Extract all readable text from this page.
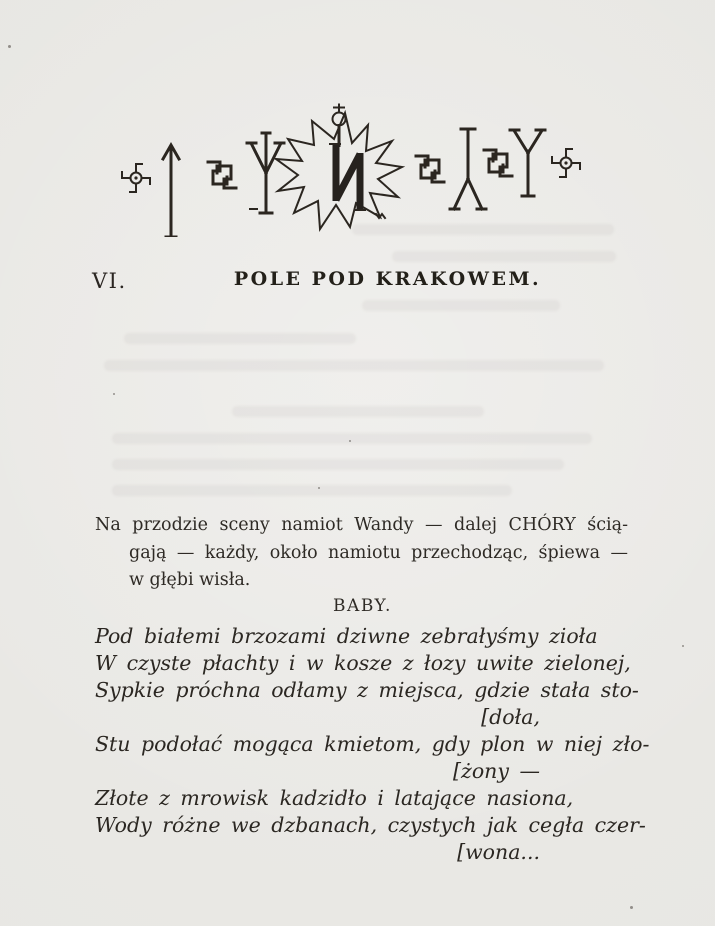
VI.	POLE POD KRAKOWEM.
Na przodzie sceny namiot Wandy — dalej CHÓRY ścią-
gają — każdy, około namiotu przechodząc, śpiewa —
w głębi wisła.
BABY.
Pod białemi brzozami dziwne zebrałyśmy zioła
W czyste płachty i w kosze z łozy uwite zielonej,
Sypkie próchna odłamy z miejsca, gdzie stała sto-
[doła,
Stu podołać mogąca kmietom, gdy plon w niej zło-
[żony —
Złote z mrowisk kadzidło i latające nasiona,
Wody różne we dzbanach, czystych jak cegła czer-
[wona...
